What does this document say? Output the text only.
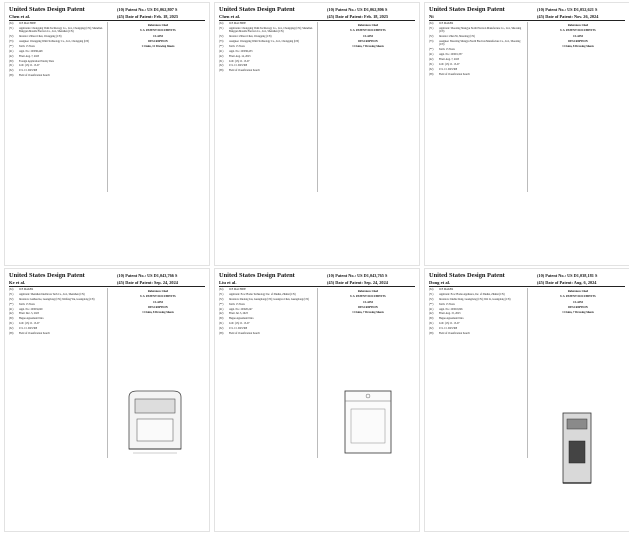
United States Design Patent
Chen et al.
(10) Patent No.: US D1,062,807 S
(45) Date of Patent: Feb. 18, 2025
(54)	ICE MACHINE
(71)	Applicants: Chongqing Wuhi Technology Co., Ltd., Chongqing (CN); Shenzhen Bangqun Moulds Electron Co., Ltd., Shenzhen (CN)
(72)	Inventor: Zhiwei Chen, Chongqing (CN)
(73)	Assignee: Chongqing Wuhi Technology Co., Ltd., Chongqing (CN)
(**)	Term: 15 Years
(21)	Appl. No.: 29/936,448
(22)	Filed: Aug. 7, 2023
(30)	Foreign Application Priority Data
(51)	LOC (15) Cl. 15-07
(52)	U.S. Cl. D23/308
(58)	Field of Classification Search
References Cited
U.S. PATENT DOCUMENTS
CLAIM
DESCRIPTION
1 Claim, 12 Drawing Sheets
United States Design Patent
Chen et al.
(10) Patent No.: US D1,062,806 S
(45) Date of Patent: Feb. 18, 2025
(54)	ICE MACHINE
(71)	Applicants: Chongqing Wuhi Technology Co., Ltd., Chongqing (CN); Shenzhen Bangqun Moulds Electron Co., Ltd., Shenzhen (CN)
(72)	Inventor: Zhiwei Chen, Chongqing (CN)
(73)	Assignee: Chongqing Wuhi Technology Co., Ltd., Chongqing (CN)
(**)	Term: 15 Years
(21)	Appl. No.: 29/936,453
(22)	Filed: Aug. 14, 2023
(51)	LOC (15) Cl. 15-07
(52)	U.S. Cl. D23/308
(58)	Field of Classification Search
References Cited
U.S. PATENT DOCUMENTS
CLAIM
DESCRIPTION
1 Claim, 7 Drawing Sheets
United States Design Patent
Ni
(10) Patent No.: US D1,052,621 S
(45) Date of Patent: Nov. 26, 2024
(54)	ICE MAKER
(71)	Applicant: Shaoxing Shangyu North Electron Manufacture Co., Ltd., Shaoxing (CN)
(72)	Inventor: Zhen Ni, Shaoxing (CN)
(73)	Assignee: Shaoxing Shangyu North Electron Manufacture Co., Ltd., Shaoxing (CN)
(**)	Term: 15 Years
(21)	Appl. No.: 29/901,357
(22)	Filed: Aug. 7, 2023
(51)	LOC (15) Cl. 15-07
(52)	U.S. Cl. D23/308
(58)	Field of Classification Search
References Cited
U.S. PATENT DOCUMENTS
CLAIM
DESCRIPTION
1 Claim, 8 Drawing Sheets
United States Design Patent
Ke et al.
(10) Patent No.: US D1,043,766 S
(45) Date of Patent: Sep. 24, 2024
(54)	ICE MAKER
(71)	Applicant: Shenzhen Intellicare Tech Co., Ltd., Shenzhen (CN)
(72)	Inventors: Guihua Ke, Guangdong (CN); Weifang Wu, Guangdong (CN)
(**)	Term: 15 Years
(21)	Appl. No.: 29/919,629
(22)	Filed: Dec. 5, 2023
(30)	Hague Agreement Data
(51)	LOC (15) Cl. 15-07
(52)	U.S. Cl. D23/308
(58)	Field of Classification Search
References Cited
U.S. PATENT DOCUMENTS
CLAIM
DESCRIPTION
1 Claim, 8 Drawing Sheets
United States Design Patent
Liu et al.
(10) Patent No.: US D1,043,765 S
(45) Date of Patent: Sep. 24, 2024
(54)	ICE MACHINE
(71)	Applicant: Ecoc Home Technology Inc. of Zhuhai, Zhuhai (CN)
(72)	Inventors: Rudong Liu, Guangdong (CN); Guangwu Chen, Guangdong (CN)
(**)	Term: 15 Years
(21)	Appl. No.: 29/920,247
(22)	Filed: Jul. 5, 2023
(30)	Hague Agreement Data
(51)	LOC (15) Cl. 15-07
(52)	U.S. Cl. D23/308
(58)	Field of Classification Search
References Cited
U.S. PATENT DOCUMENTS
CLAIM
DESCRIPTION
1 Claim, 7 Drawing Sheets
United States Design Patent
Dong et al.
(10) Patent No.: US D1,038,181 S
(45) Date of Patent: Aug. 6, 2024
(54)	ICE MAKER
(71)	Applicant: Ecoc Home Appliance, Inc. of Zhuhai, Zhuhai (CN)
(72)	Inventors: Jinzhu Dong, Guangdong (CN); Wei Li, Guangdong (CN)
(**)	Term: 15 Years
(21)	Appl. No.: 29/910,826
(22)	Filed: Aug. 15, 2023
(30)	Hague Agreement Data
(51)	LOC (15) Cl. 15-07
(52)	U.S. Cl. D23/308
(58)	Field of Classification Search
References Cited
U.S. PATENT DOCUMENTS
CLAIM
DESCRIPTION
1 Claim, 7 Drawing Sheets
